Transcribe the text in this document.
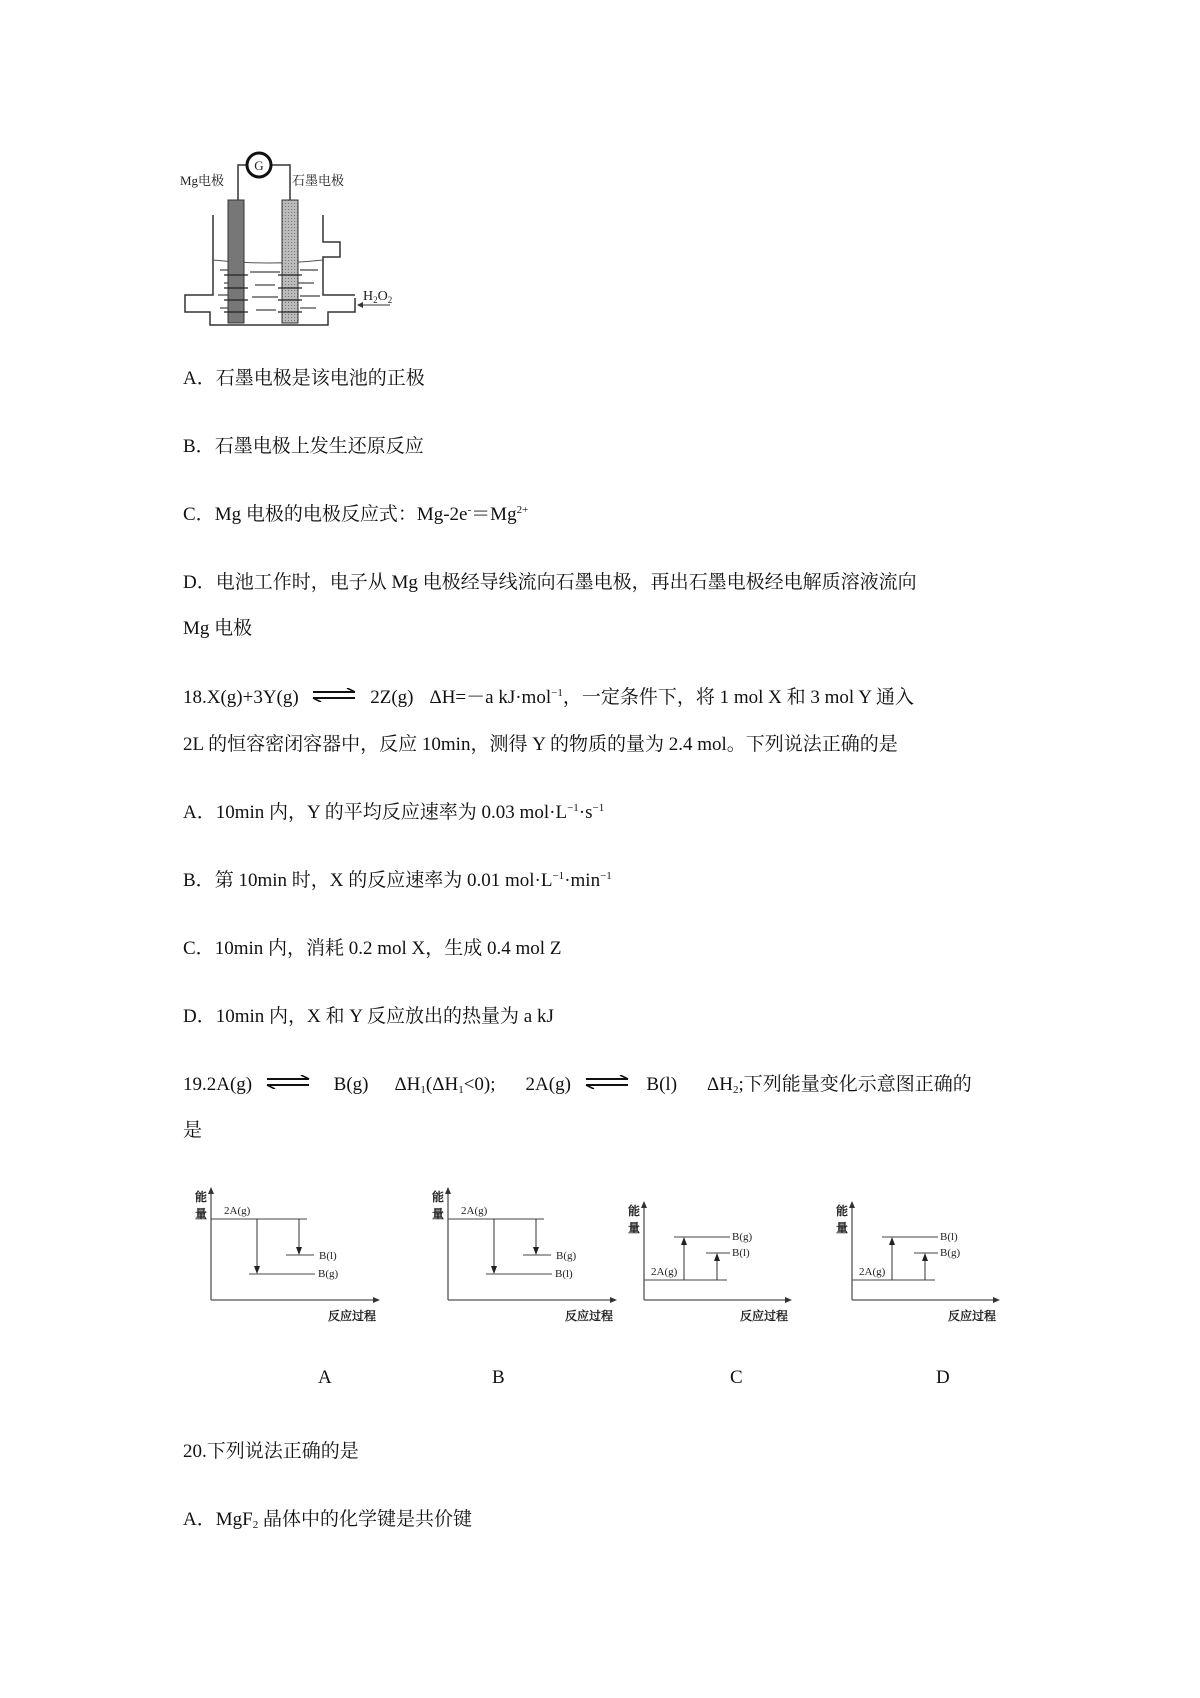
G
Mg电极	石墨电极
$H_2O_2$
A．石墨电极是该电池的正极
B．石墨电极上发生还原反应
C．Mg 电极的电极反应式：$Mg-2e^-=Mg^{2+}$
D．电池工作时，电子从 Mg 电极经导线流向石墨电极，再出石墨电极经电解质溶液流向
Mg 电极
18.X(g)+3Y(g) ⇌ 2Z(g) ΔH=－a kJ·mol$^{-1}$，一定条件下，将 1 mol X 和 3 mol Y 通入
2L 的恒容密闭容器中，反应 10min，测得 Y 的物质的量为 2.4 mol。下列说法正确的是
A．10min 内，Y 的平均反应速率为 0.03 $mol\cdot L^{-1}\cdot s^{-1}$
B．第 10min 时，X 的反应速率为 0.01 $mol\cdot L^{-1}\cdot\min^{-1}$
C．10min 内，消耗 0.2 mol X，生成 0.4 mol Z
D．10min 内，X 和 Y 反应放出的热量为 a kJ
19.2A(g) ⇌ B(g) $\Delta H_1(\Delta H_1<0)$; 2A(g) ⇌ B(l) $\Delta H_2$;下列能量变化示意图正确的
是
能
量
反应过程
2A(g)
B(l)
B(g)
A
能
量
反应过程
2A(g)
B(g)
B(l)
B
能
量
反应过程
2A(g)
B(g)
B(l)
C
能
量
反应过程
2A(g)
B(l)
B(g)
D
20.下列说法正确的是
A．MgF$_2$ 晶体中的化学键是共价键
